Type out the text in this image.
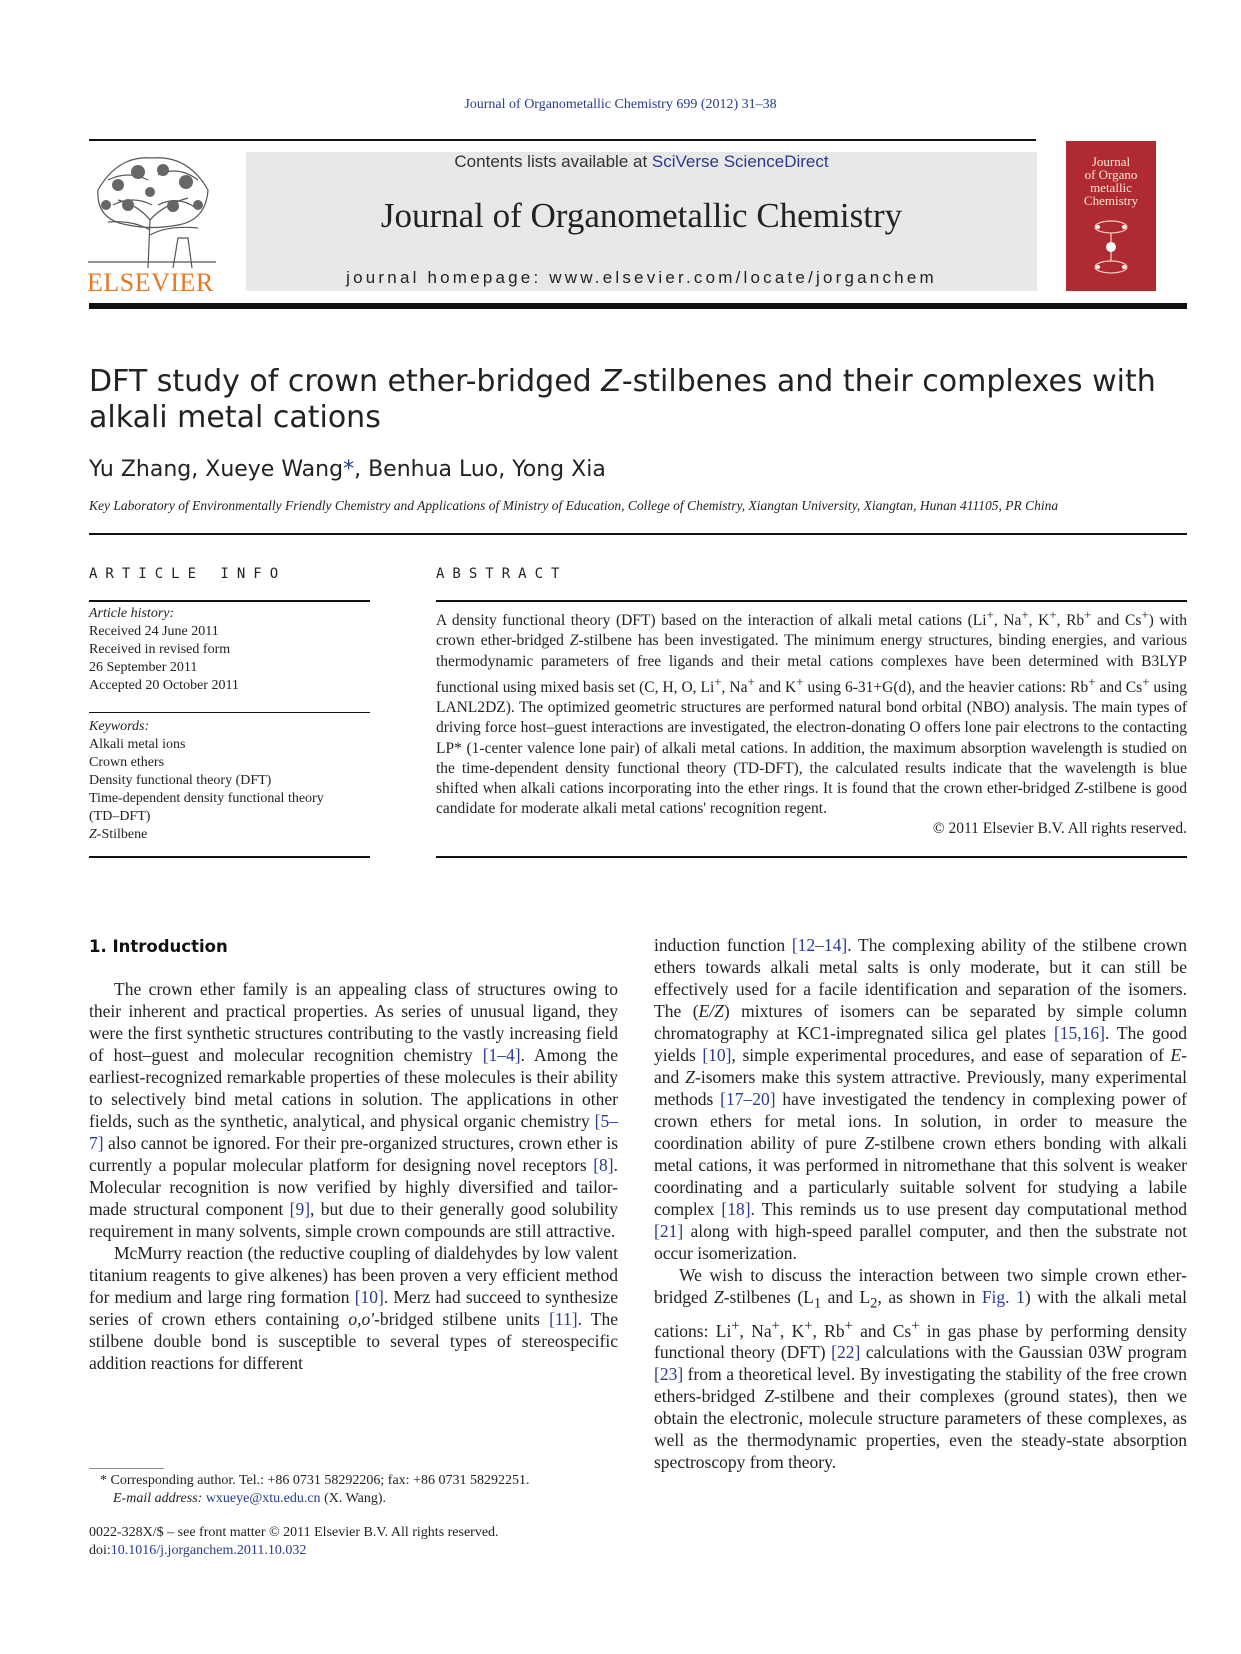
Journal of Organometallic Chemistry 699 (2012) 31–38
ELSEVIER
Contents lists available at SciVerse ScienceDirect
Journal of Organometallic Chemistry
journal homepage: www.elsevier.com/locate/jorganchem
Journal
of Organo
metallic
Chemistry
DFT study of crown ether-bridged Z-stilbenes and their complexes with alkali metal cations
Yu Zhang, Xueye Wang*, Benhua Luo, Yong Xia
Key Laboratory of Environmentally Friendly Chemistry and Applications of Ministry of Education, College of Chemistry, Xiangtan University, Xiangtan, Hunan 411105, PR China
ARTICLE INFO
Article history:
Received 24 June 2011
Received in revised form
26 September 2011
Accepted 20 October 2011
Keywords:
Alkali metal ions
Crown ethers
Density functional theory (DFT)
Time-dependent density functional theory
(TD–DFT)
Z-Stilbene
ABSTRACT
A density functional theory (DFT) based on the interaction of alkali metal cations (Li+, Na+, K+, Rb+ and Cs+) with crown ether-bridged Z-stilbene has been investigated. The minimum energy structures, binding energies, and various thermodynamic parameters of free ligands and their metal cations complexes have been determined with B3LYP functional using mixed basis set (C, H, O, Li+, Na+ and K+ using 6-31+G(d), and the heavier cations: Rb+ and Cs+ using LANL2DZ). The optimized geometric structures are performed natural bond orbital (NBO) analysis. The main types of driving force host–guest interactions are investigated, the electron-donating O offers lone pair electrons to the contacting LP* (1-center valence lone pair) of alkali metal cations. In addition, the maximum absorption wavelength is studied on the time-dependent density functional theory (TD-DFT), the calculated results indicate that the wavelength is blue shifted when alkali cations incorporating into the ether rings. It is found that the crown ether-bridged Z-stilbene is good candidate for moderate alkali metal cations' recognition regent.
© 2011 Elsevier B.V. All rights reserved.
1. Introduction

The crown ether family is an appealing class of structures owing to their inherent and practical properties. As series of unusual ligand, they were the first synthetic structures contributing to the vastly increasing field of host–guest and molecular recognition chemistry [1–4]. Among the earliest-recognized remarkable properties of these molecules is their ability to selectively bind metal cations in solution. The applications in other fields, such as the synthetic, analytical, and physical organic chemistry [5–7] also cannot be ignored. For their pre-organized structures, crown ether is currently a popular molecular platform for designing novel receptors [8]. Molecular recognition is now verified by highly diversified and tailor-made structural component [9], but due to their generally good solubility requirement in many solvents, simple crown compounds are still attractive.

McMurry reaction (the reductive coupling of dialdehydes by low valent titanium reagents to give alkenes) has been proven a very efficient method for medium and large ring formation [10]. Merz had succeed to synthesize series of crown ethers containing o,o'-bridged stilbene units [11]. The stilbene double bond is susceptible to several types of stereospecific addition reactions for different

induction function [12–14]. The complexing ability of the stilbene crown ethers towards alkali metal salts is only moderate, but it can still be effectively used for a facile identification and separation of the isomers. The (E/Z) mixtures of isomers can be separated by simple column chromatography at KC1-impregnated silica gel plates [15,16]. The good yields [10], simple experimental procedures, and ease of separation of E- and Z-isomers make this system attractive. Previously, many experimental methods [17–20] have investigated the tendency in complexing power of crown ethers for metal ions. In solution, in order to measure the coordination ability of pure Z-stilbene crown ethers bonding with alkali metal cations, it was performed in nitromethane that this solvent is weaker coordinating and a particularly suitable solvent for studying a labile complex [18]. This reminds us to use present day computational method [21] along with high-speed parallel computer, and then the substrate not occur isomerization.

We wish to discuss the interaction between two simple crown ether-bridged Z-stilbenes ($L_1$ and $L_2$, as shown in Fig. 1) with the alkali metal cations: Li+, Na+, K+, Rb+ and Cs+ in gas phase by performing density functional theory (DFT) [22] calculations with the Gaussian 03W program [23] from a theoretical level. By investigating the stability of the free crown ethers-bridged Z-stilbene and their complexes (ground states), then we obtain the electronic, molecule structure parameters of these complexes, as well as the thermodynamic properties, even the steady-state absorption spectroscopy from theory.

* Corresponding author. Tel.: +86 0731 58292206; fax: +86 0731 58292251.
E-mail address: wxueye@xtu.edu.cn (X. Wang).
0022-328X/$ – see front matter © 2011 Elsevier B.V. All rights reserved.
doi:10.1016/j.jorganchem.2011.10.032
